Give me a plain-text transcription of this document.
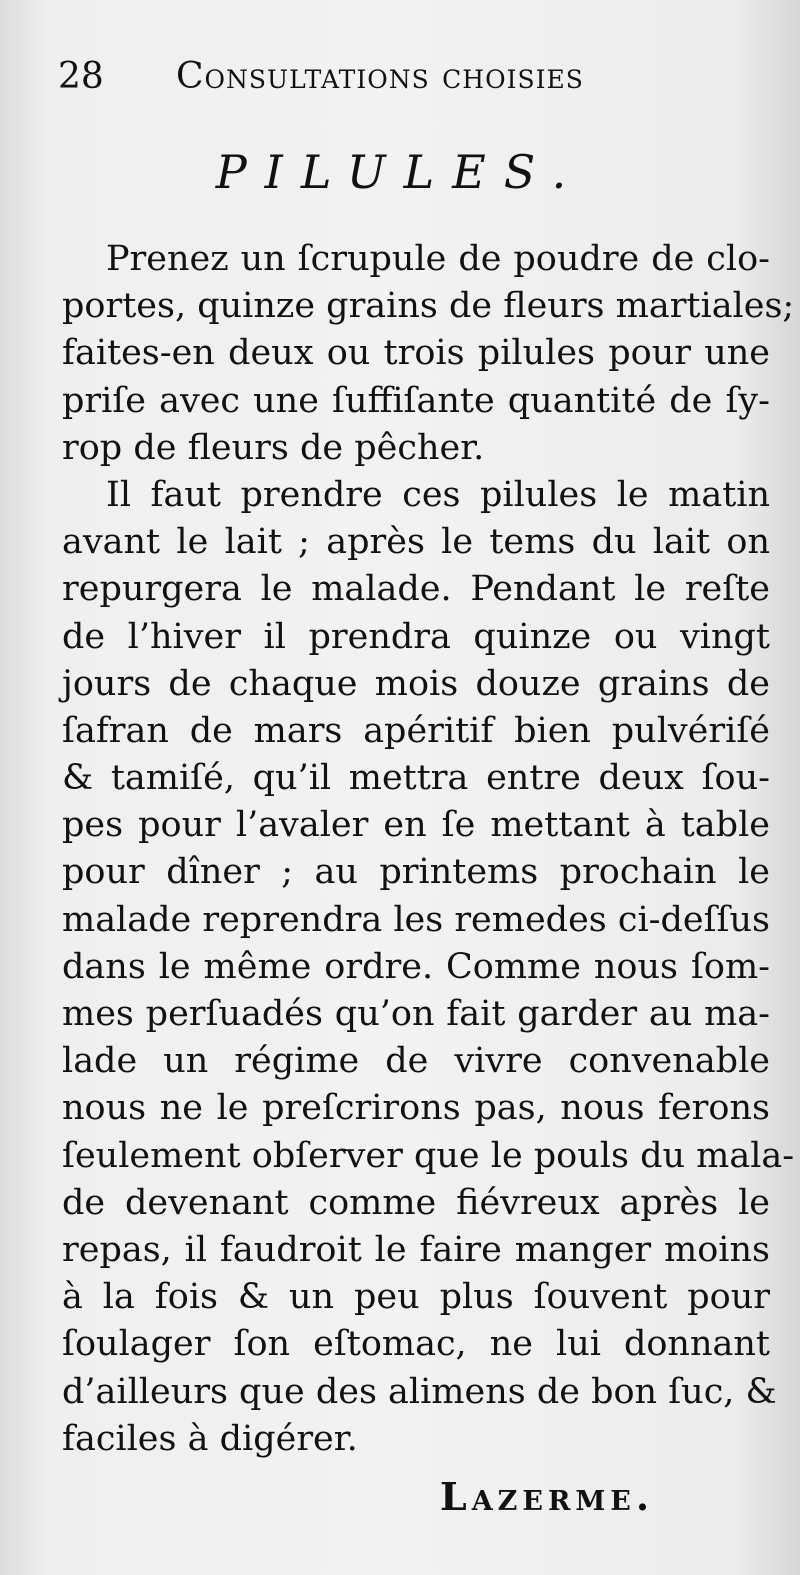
28 Consultations choisies
PILULES.
Prenez un ſcrupule de poudre de clo-
portes, quinze grains de fleurs martiales;
faites-en deux ou trois pilules pour une
priſe avec une ſuffiſante quantité de ſy-
rop de fleurs de pêcher.
Il faut prendre ces pilules le matin
avant le lait ; après le tems du lait on
repurgera le malade. Pendant le reſte
de l’hiver il prendra quinze ou vingt
jours de chaque mois douze grains de
ſafran de mars apéritif bien pulvériſé
& tamiſé, qu’il mettra entre deux ſou-
pes pour l’avaler en ſe mettant à table
pour dîner ; au printems prochain le
malade reprendra les remedes ci-deſſus
dans le même ordre. Comme nous ſom-
mes perſuadés qu’on fait garder au ma-
lade un régime de vivre convenable
nous ne le preſcrirons pas, nous ferons
ſeulement obſerver que le pouls du mala-
de devenant comme fiévreux après le
repas, il faudroit le faire manger moins
à la fois & un peu plus ſouvent pour
ſoulager ſon eſtomac, ne lui donnant
d’ailleurs que des alimens de bon ſuc, &
faciles à digérer.
Lazerme.
